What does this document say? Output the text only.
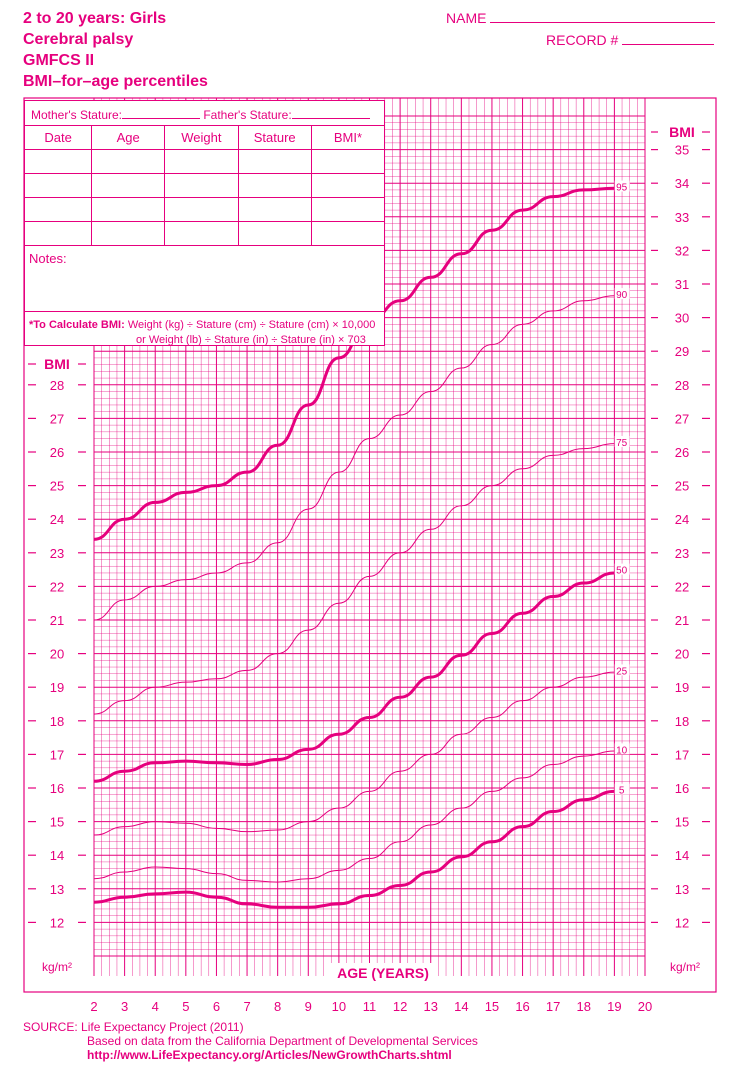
2 to 20 years: Girls
Cerebral palsy
GMFCS II
BMI–for–age percentiles
NAME
RECORD #
95
90
75
50
25
10
5
12
13
14
15
16
17
18
19
20
21
22
23
24
25
26
27
28
29
30
31
32
33
34
35
12
13
14
15
16
17
18
19
20
21
22
23
24
25
26
27
28
BMI
BMI
kg/m²	kg/m²
AGE (YEARS)
2 3 4 5 6 7 8 9 10 11 12 13 14 15 16 17 18 19 20
Mother's Stature:	Father's Stature:
Date	Age	Weight	Stature	BMI*

Notes:
*To Calculate BMI: Weight (kg) ÷ Stature (cm) ÷ Stature (cm) × 10,000
or Weight (lb) ÷ Stature (in) ÷ Stature (in) × 703
SOURCE: Life Expectancy Project (2011)
Based on data from the California Department of Developmental Services
http://www.LifeExpectancy.org/Articles/NewGrowthCharts.shtml
